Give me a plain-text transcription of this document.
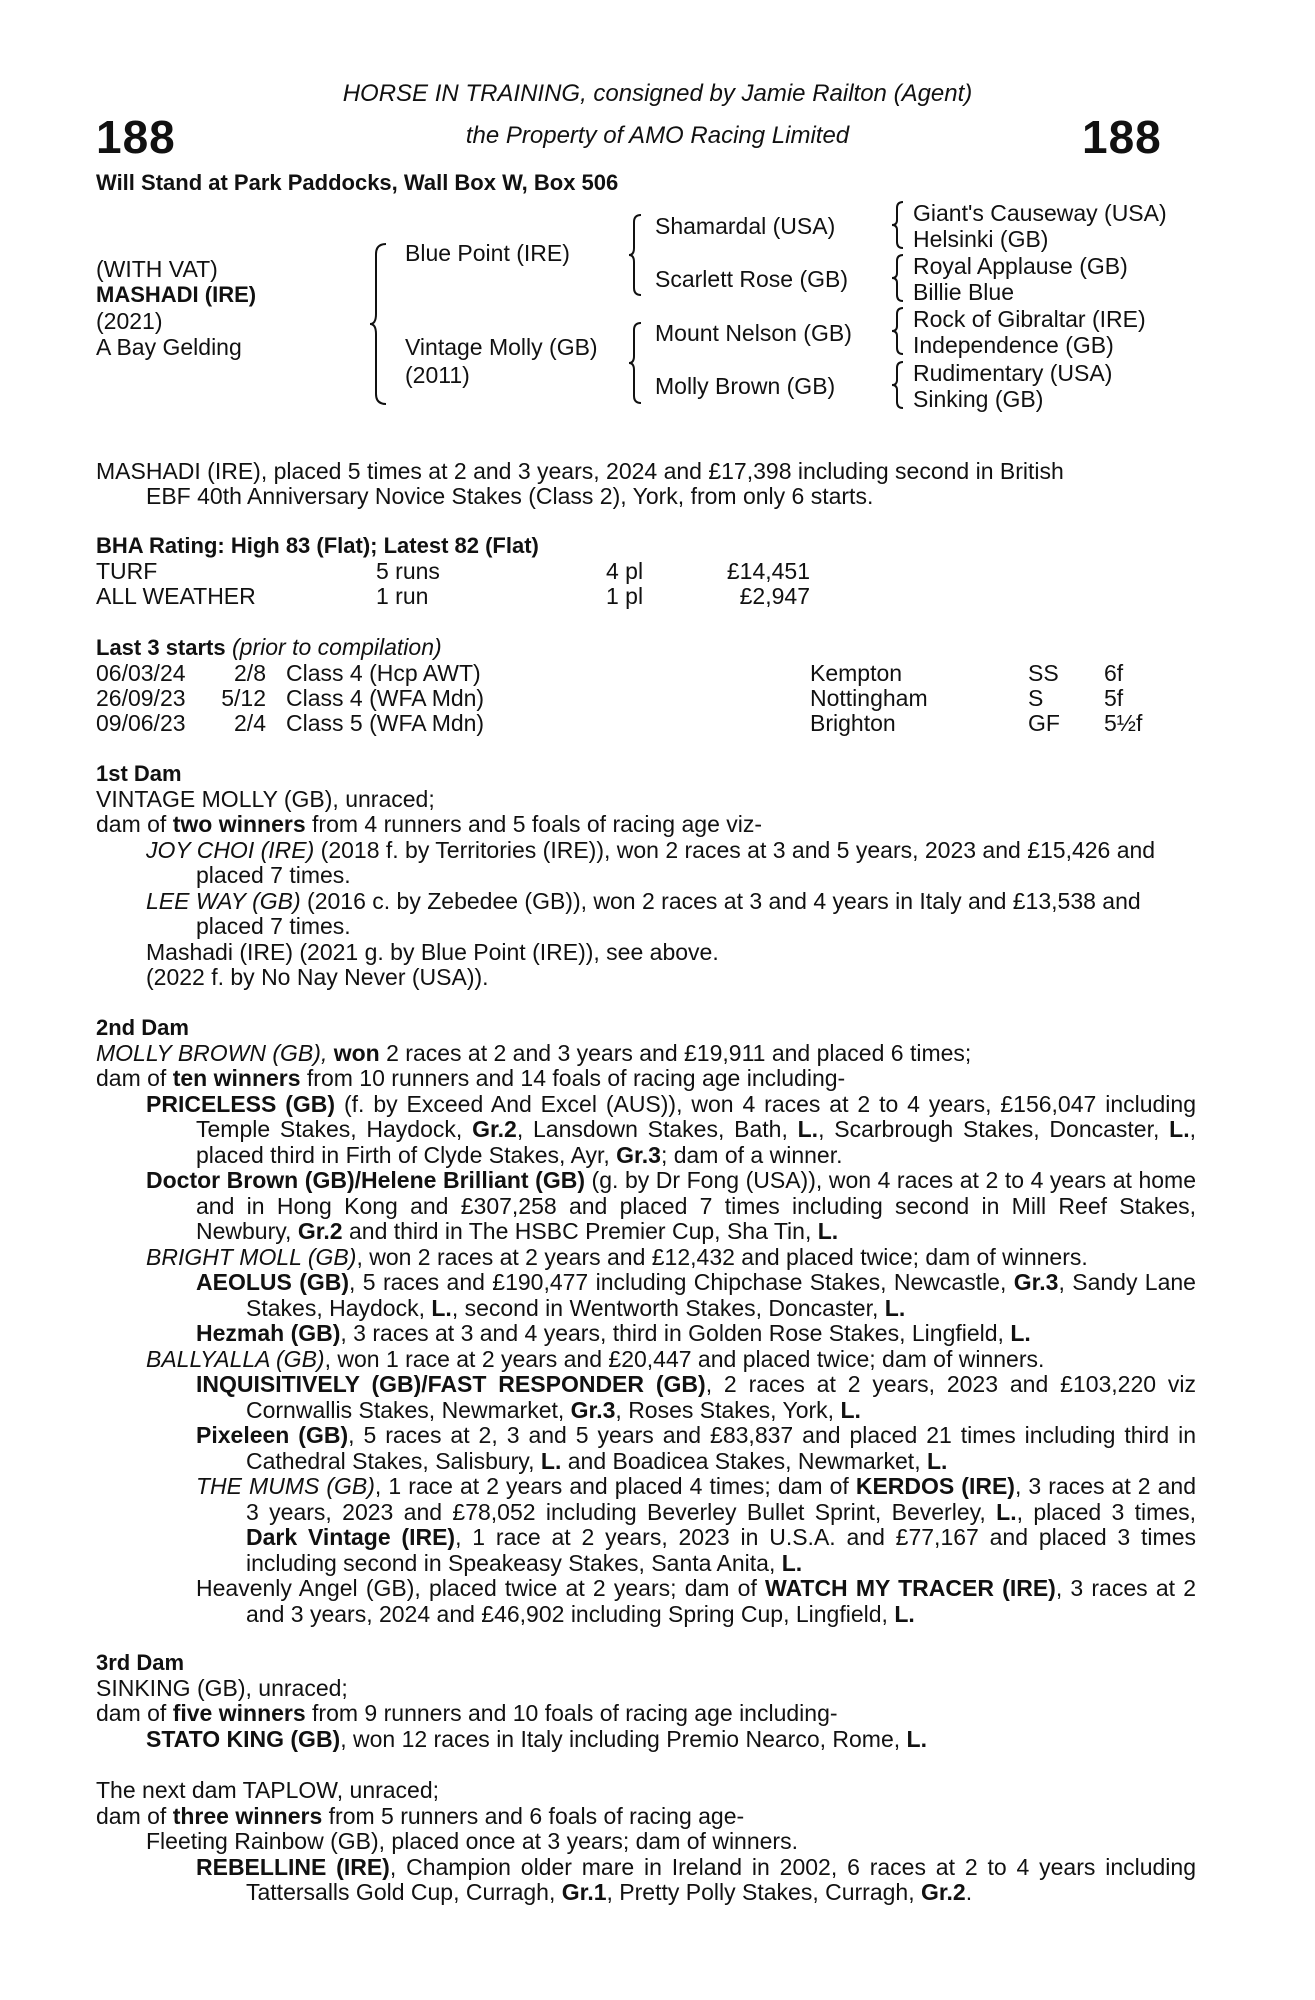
188	188
HORSE IN TRAINING, consigned by Jamie Railton (Agent)
the Property of AMO Racing Limited
Will Stand at Park Paddocks, Wall Box W, Box 506
(WITH VAT)
MASHADI (IRE)
(2021)
A Bay Gelding
Blue Point (IRE)
Vintage Molly (GB)
(2011)
Shamardal (USA)
Scarlett Rose (GB)
Mount Nelson (GB)
Molly Brown (GB)
Giant's Causeway (USA)
Helsinki (GB)
Royal Applause (GB)
Billie Blue
Rock of Gibraltar (IRE)
Independence (GB)
Rudimentary (USA)
Sinking (GB)
MASHADI (IRE), placed 5 times at 2 and 3 years, 2024 and £17,398 including second in British
EBF 40th Anniversary Novice Stakes (Class 2), York, from only 6 starts.
BHA Rating: High 83 (Flat); Latest 82 (Flat)
TURF	5 runs	4 pl	£14,451
ALL WEATHER	1 run	1 pl	£2,947
Last 3 starts (prior to compilation)
06/03/24	2/8 Class 4 (Hcp AWT)	Kempton	SS 6f
26/09/23	5/12 Class 4 (WFA Mdn)	Nottingham	S	5f
09/06/23	2/4 Class 5 (WFA Mdn)	Brighton	GF 5½f

1st Dam

VINTAGE MOLLY (GB), unraced;

dam of two winners from 4 runners and 5 foals of racing age viz-

JOY CHOI (IRE) (2018 f. by Territories (IRE)), won 2 races at 3 and 5 years, 2023 and £15,426 and placed 7 times.

LEE WAY (GB) (2016 c. by Zebedee (GB)), won 2 races at 3 and 4 years in Italy and £13,538 and placed 7 times.

Mashadi (IRE) (2021 g. by Blue Point (IRE)), see above.

(2022 f. by No Nay Never (USA)).

2nd Dam

MOLLY BROWN (GB), won 2 races at 2 and 3 years and £19,911 and placed 6 times;

dam of ten winners from 10 runners and 14 foals of racing age including-

PRICELESS (GB) (f. by Exceed And Excel (AUS)), won 4 races at 2 to 4 years, £156,047 including Temple Stakes, Haydock, Gr.2, Lansdown Stakes, Bath, L., Scarbrough Stakes, Doncaster, L., placed third in Firth of Clyde Stakes, Ayr, Gr.3; dam of a winner.

Doctor Brown (GB)/Helene Brilliant (GB) (g. by Dr Fong (USA)), won 4 races at 2 to 4 years at home and in Hong Kong and £307,258 and placed 7 times including second in Mill Reef Stakes, Newbury, Gr.2 and third in The HSBC Premier Cup, Sha Tin, L.

BRIGHT MOLL (GB), won 2 races at 2 years and £12,432 and placed twice; dam of winners.

AEOLUS (GB), 5 races and £190,477 including Chipchase Stakes, Newcastle, Gr.3, Sandy Lane Stakes, Haydock, L., second in Wentworth Stakes, Doncaster, L.

Hezmah (GB), 3 races at 3 and 4 years, third in Golden Rose Stakes, Lingfield, L.

BALLYALLA (GB), won 1 race at 2 years and £20,447 and placed twice; dam of winners.

INQUISITIVELY (GB)/FAST RESPONDER (GB), 2 races at 2 years, 2023 and £103,220 viz Cornwallis Stakes, Newmarket, Gr.3, Roses Stakes, York, L.

Pixeleen (GB), 5 races at 2, 3 and 5 years and £83,837 and placed 21 times including third in Cathedral Stakes, Salisbury, L. and Boadicea Stakes, Newmarket, L.

THE MUMS (GB), 1 race at 2 years and placed 4 times; dam of KERDOS (IRE), 3 races at 2 and 3 years, 2023 and £78,052 including Beverley Bullet Sprint, Beverley, L., placed 3 times, Dark Vintage (IRE), 1 race at 2 years, 2023 in U.S.A. and £77,167 and placed 3 times including second in Speakeasy Stakes, Santa Anita, L.

Heavenly Angel (GB), placed twice at 2 years; dam of WATCH MY TRACER (IRE), 3 races at 2 and 3 years, 2024 and £46,902 including Spring Cup, Lingfield, L.

3rd Dam

SINKING (GB), unraced;

dam of five winners from 9 runners and 10 foals of racing age including-

STATO KING (GB), won 12 races in Italy including Premio Nearco, Rome, L.

The next dam TAPLOW, unraced;

dam of three winners from 5 runners and 6 foals of racing age-

Fleeting Rainbow (GB), placed once at 3 years; dam of winners.

REBELLINE (IRE), Champion older mare in Ireland in 2002, 6 races at 2 to 4 years including Tattersalls Gold Cup, Curragh, Gr.1, Pretty Polly Stakes, Curragh, Gr.2.
